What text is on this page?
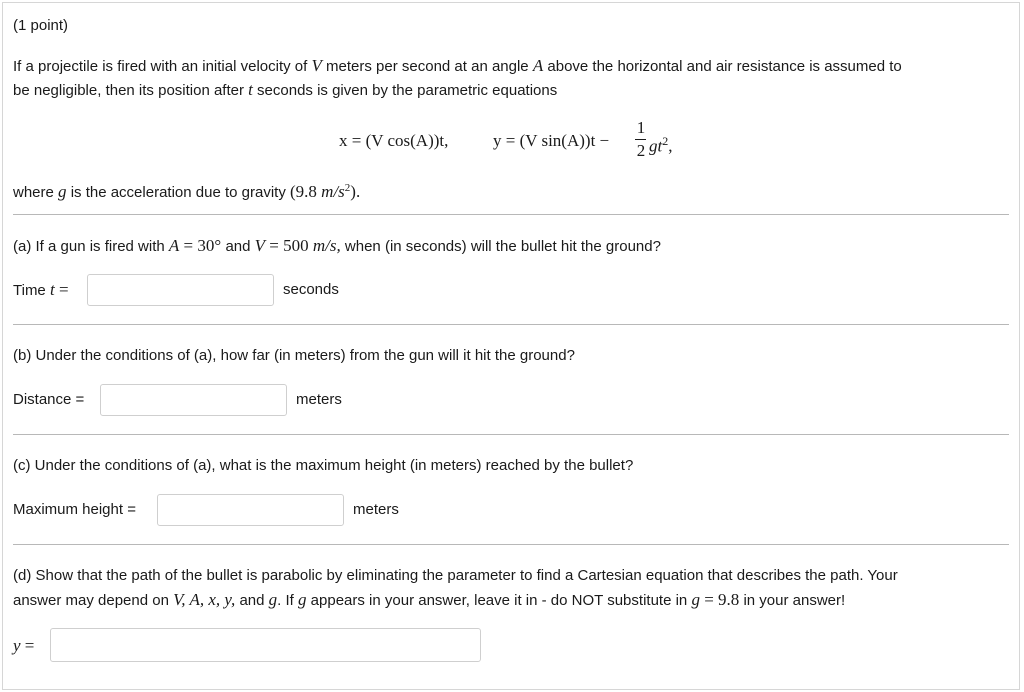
(1 point)
If a projectile is fired with an initial velocity of V meters per second at an angle A above the horizontal and air resistance is assumed to
be negligible, then its position after t seconds is given by the parametric equations
x = (V cos(A))t,	y = (V sin(A))t −
1
2 $gt^2$,
where g is the acceleration due to gravity (9.8 $m/s^2$).
(a) If a gun is fired with A = 30° and V = 500 m/s, when (in seconds) will the bullet hit the ground?
Time t =	seconds
(b) Under the conditions of (a), how far (in meters) from the gun will it hit the ground?
Distance =	meters
(c) Under the conditions of (a), what is the maximum height (in meters) reached by the bullet?
Maximum height =	meters
(d) Show that the path of the bullet is parabolic by eliminating the parameter to find a Cartesian equation that describes the path. Your
answer may depend on V, A, x, y, and g. If g appears in your answer, leave it in - do NOT substitute in g = 9.8 in your answer!
y =
